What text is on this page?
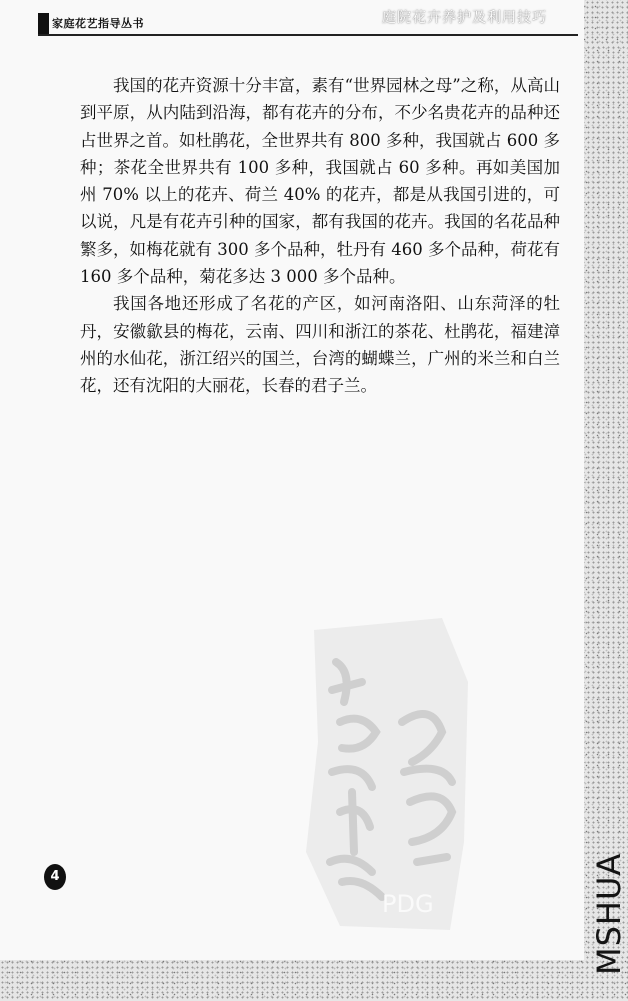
家庭花艺指导丛书	庭院花卉养护及利用技巧

我国的花卉资源十分丰富，素有“世界园林之母”之称，从高山到平原，从内陆到沿海，都有花卉的分布，不少名贵花卉的品种还占世界之首。如杜鹃花，全世界共有 800 多种，我国就占 600 多种；茶花全世界共有 100 多种，我国就占 60 多种。再如美国加州 70% 以上的花卉、荷兰 40% 的花卉，都是从我国引进的，可以说，凡是有花卉引种的国家，都有我国的花卉。我国的名花品种繁多，如梅花就有 300 多个品种，牡丹有 460 多个品种，荷花有 160 多个品种，菊花多达 3 000 多个品种。

我国各地还形成了名花的产区，如河南洛阳、山东菏泽的牡丹，安徽歙县的梅花，云南、四川和浙江的茶花、杜鹃花，福建漳州的水仙花，浙江绍兴的国兰，台湾的蝴蝶兰，广州的米兰和白兰花，还有沈阳的大丽花，长春的君子兰。

PDG
4	MSHUA
